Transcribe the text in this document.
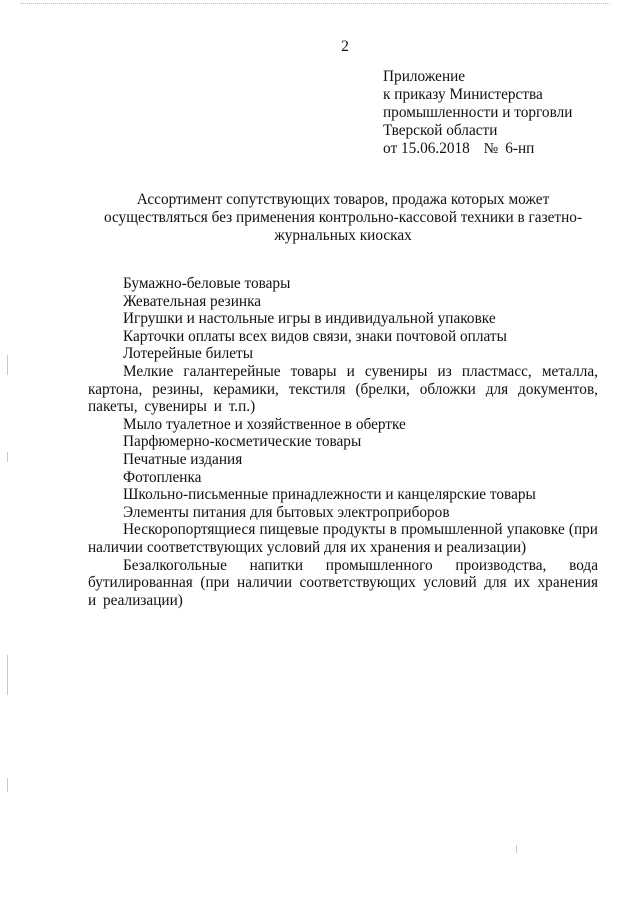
2
Приложение
к приказу Министерства
промышленности и торговли
Тверской области
от 15.06.2018 № 6-нп
Ассортимент сопутствующих товаров, продажа которых может
осуществляться без применения контрольно-кассовой техники в газетно-
журнальных киосках

Бумажно-беловые товары

Жевательная резинка

Игрушки и настольные игры в индивидуальной упаковке

Карточки оплаты всех видов связи, знаки почтовой оплаты

Лотерейные билеты

Мелкие галантерейные товары и сувениры из пластмасс, металла, картона, резины, керамики, текстиля (брелки, обложки для документов, пакеты, сувениры и т.п.)

Мыло туалетное и хозяйственное в обертке

Парфюмерно-косметические товары

Печатные издания

Фотопленка

Школьно-письменные принадлежности и канцелярские товары

Элементы питания для бытовых электроприборов

Нескоропортящиеся пищевые продукты в промышленной упаковке (при наличии соответствующих условий для их хранения и реализации)

Безалкогольные напитки промышленного производства, вода бутилированная (при наличии соответствующих условий для их хранения и реализации)
